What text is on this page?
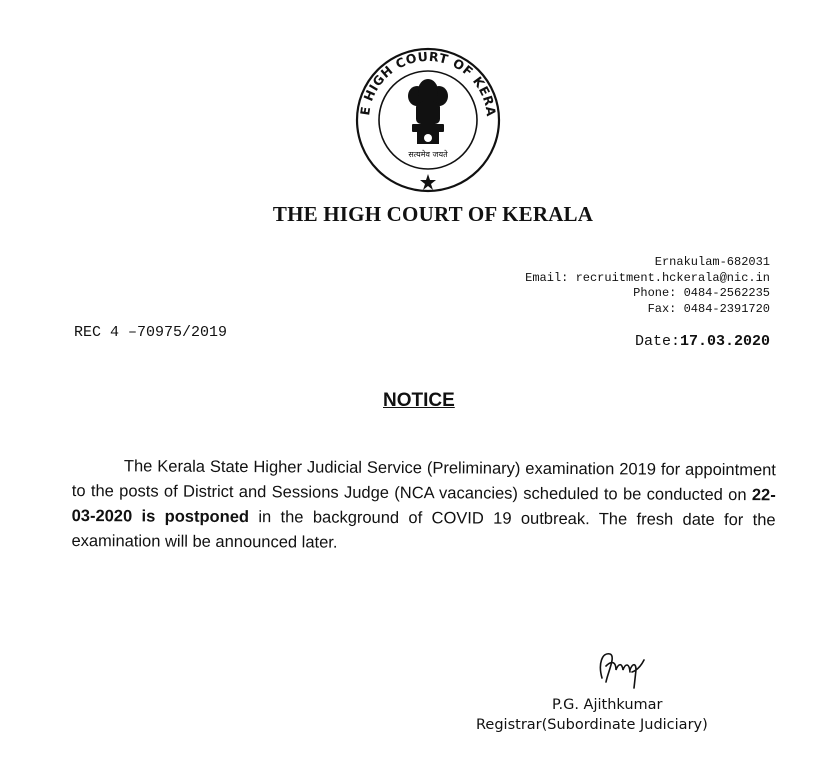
E HIGH COURT OF KERA
सत्यमेव जयते
THE HIGH COURT OF KERALA
Ernakulam-682031
Email: recruitment.hckerala@nic.in
Phone: 0484-2562235
Fax: 0484-2391720
REC 4 –70975/2019
Date:17.03.2020
NOTICE

The Kerala State Higher Judicial Service (Preliminary) examination 2019 for appointment to the posts of District and Sessions Judge (NCA vacancies) scheduled to be conducted on 22-03-2020 is postponed in the background of COVID 19 outbreak. The fresh date for the examination will be announced later.

P.G. Ajithkumar
Registrar(Subordinate Judiciary)
